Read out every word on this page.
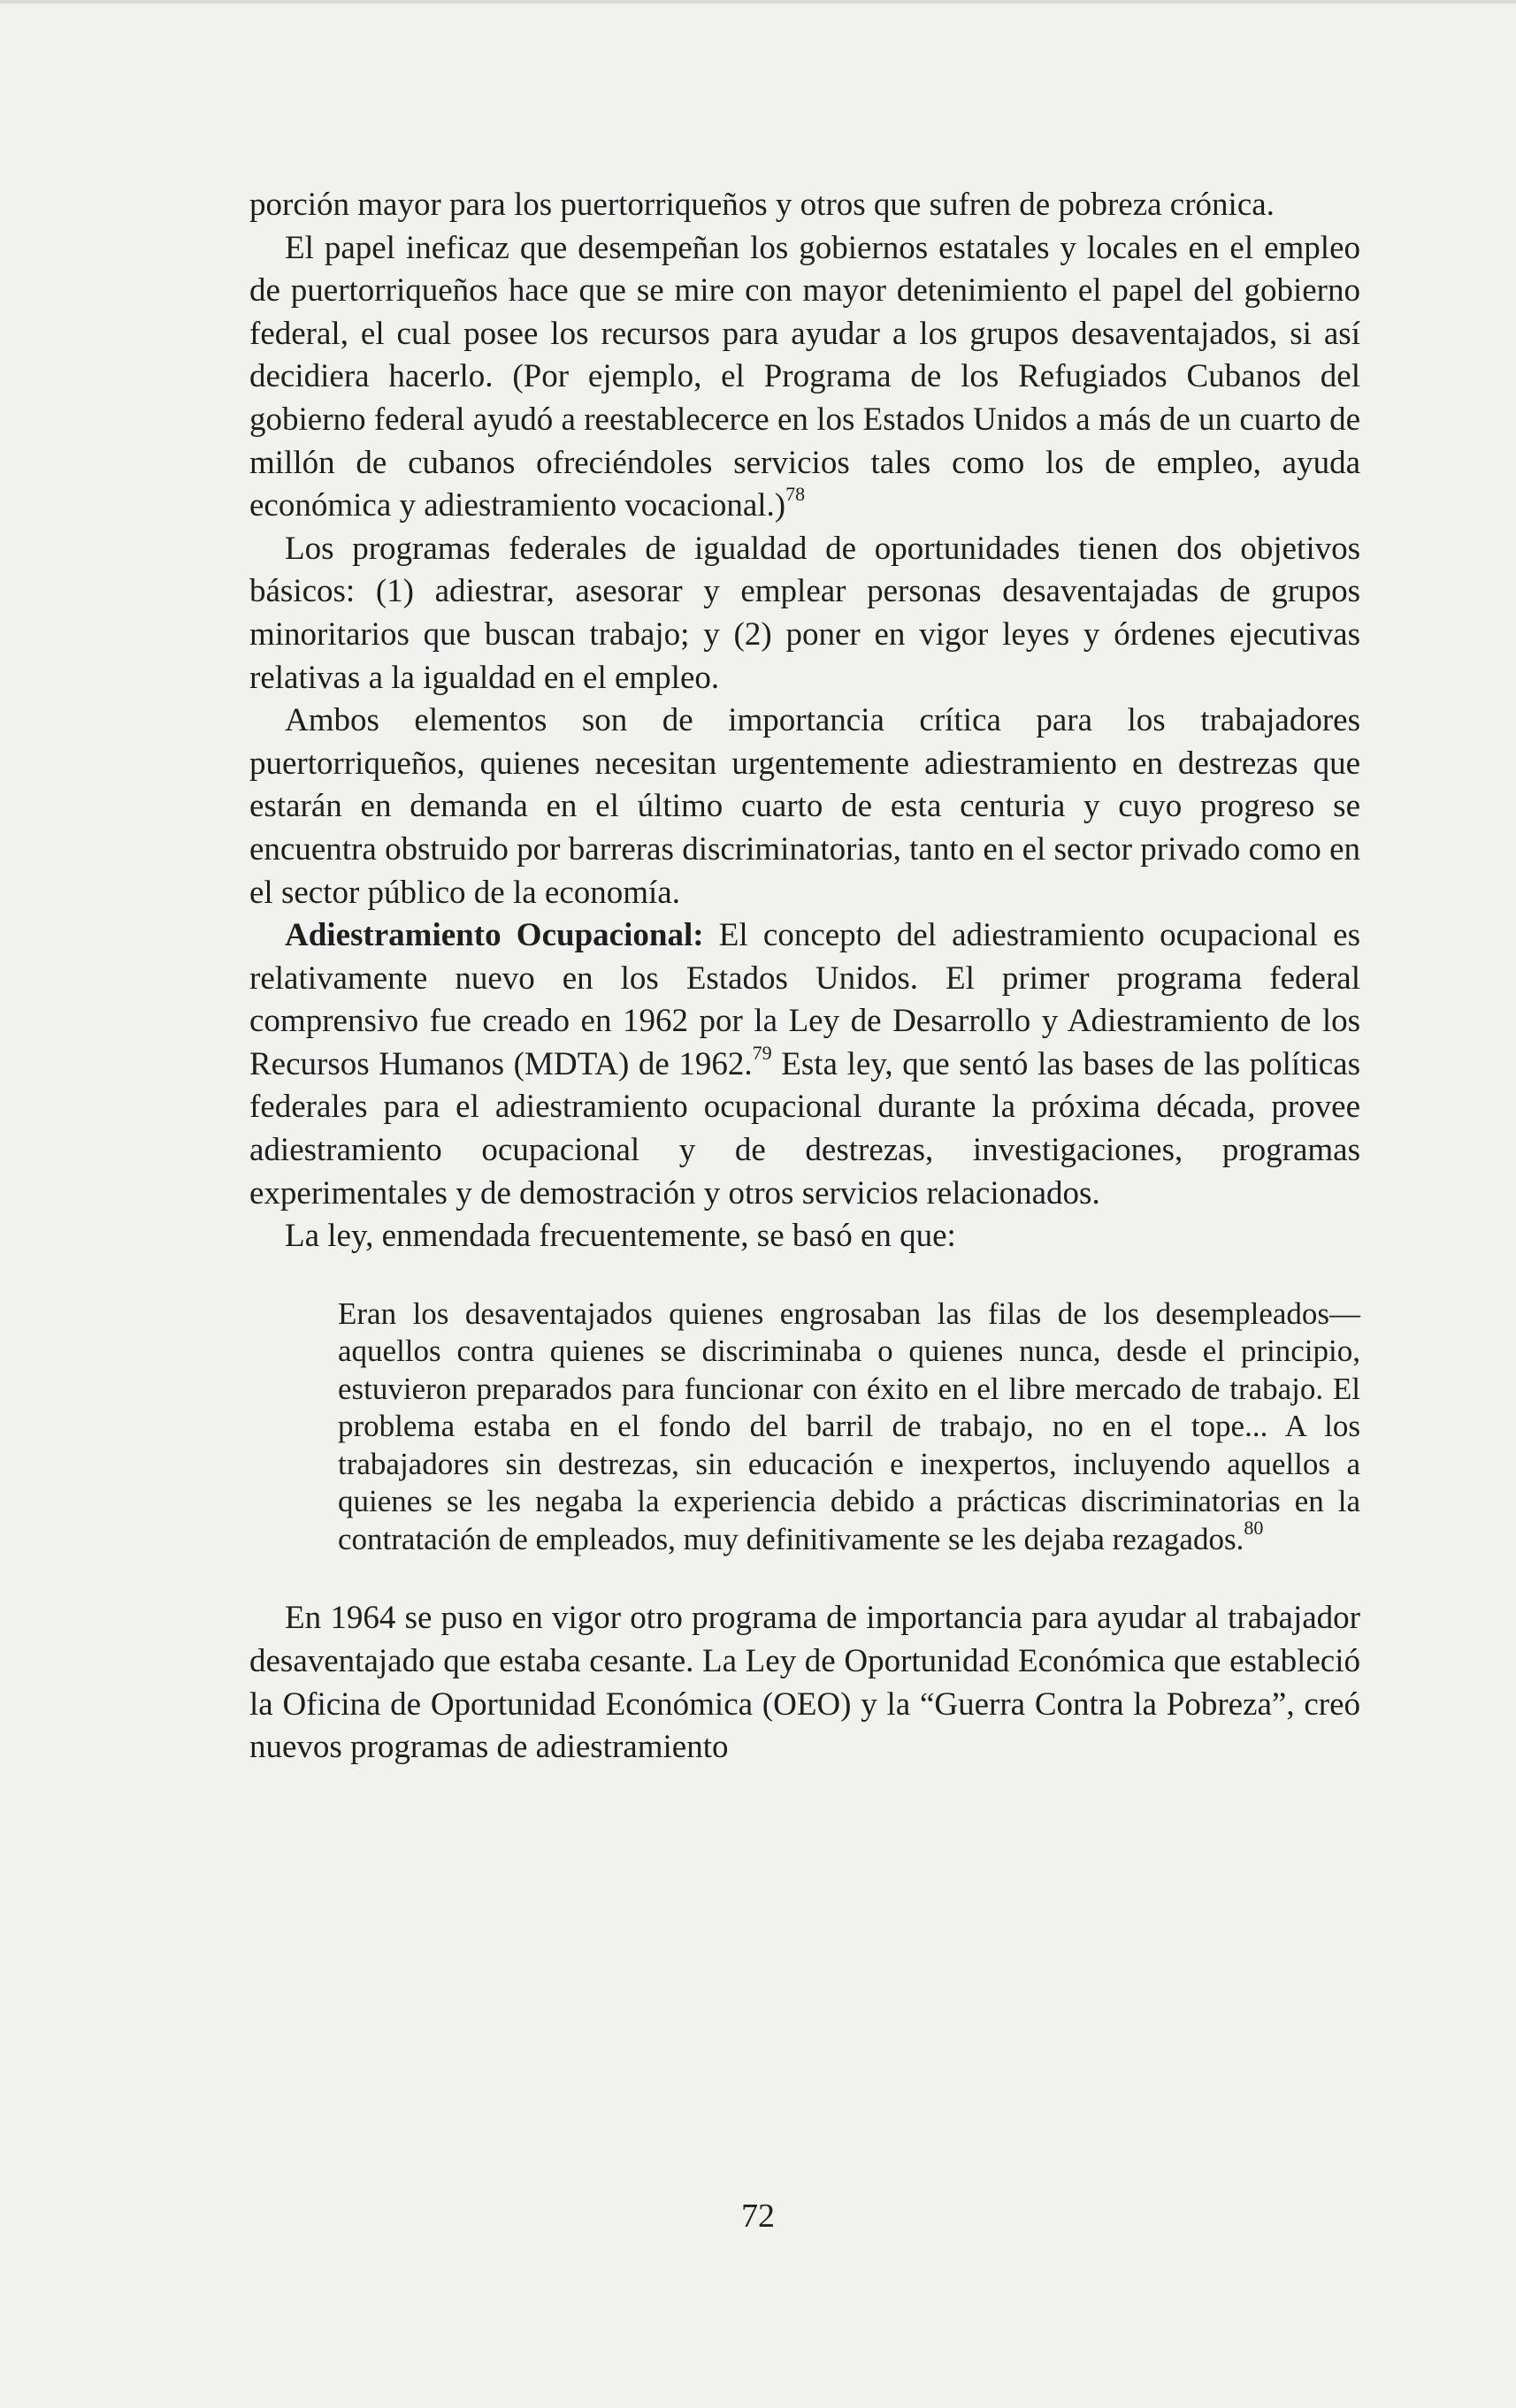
porción mayor para los puertorriqueños y otros que sufren de pobreza crónica.

El papel ineficaz que desempeñan los gobiernos estatales y locales en el empleo de puertorriqueños hace que se mire con mayor detenimiento el papel del gobierno federal, el cual posee los recursos para ayudar a los grupos desaventajados, si así decidiera hacerlo. (Por ejemplo, el Programa de los Refugiados Cubanos del gobierno federal ayudó a reestablecerce en los Estados Unidos a más de un cuarto de millón de cubanos ofreciéndoles servicios tales como los de empleo, ayuda económica y adiestramiento vocacional.)$^{78}$

Los programas federales de igualdad de oportunidades tienen dos objetivos básicos: (1) adiestrar, asesorar y emplear personas desaventajadas de grupos minoritarios que buscan trabajo; y (2) poner en vigor leyes y órdenes ejecutivas relativas a la igualdad en el empleo.

Ambos elementos son de importancia crítica para los trabajadores puertorriqueños, quienes necesitan urgentemente adiestramiento en destrezas que estarán en demanda en el último cuarto de esta centuria y cuyo progreso se encuentra obstruido por barreras discriminatorias, tanto en el sector privado como en el sector público de la economía.

Adiestramiento Ocupacional: El concepto del adiestramiento ocupacional es relativamente nuevo en los Estados Unidos. El primer programa federal comprensivo fue creado en 1962 por la Ley de Desarrollo y Adiestramiento de los Recursos Humanos (MDTA) de 1962.79 Esta ley, que sentó las bases de las políticas federales para el adiestramiento ocupacional durante la próxima década, provee adiestramiento ocupacional y de destrezas, investigaciones, programas experimentales y de demostración y otros servicios relacionados.

La ley, enmendada frecuentemente, se basó en que:

Eran los desaventajados quienes engrosaban las filas de los desempleados—aquellos contra quienes se discriminaba o quienes nunca, desde el principio, estuvieron preparados para funcionar con éxito en el libre mercado de trabajo. El problema estaba en el fondo del barril de trabajo, no en el tope... A los trabajadores sin destrezas, sin educación e inexpertos, incluyendo aquellos a quienes se les negaba la experiencia debido a prácticas discriminatorias en la contratación de empleados, muy definitivamente se les dejaba rezagados.$^{80}$

En 1964 se puso en vigor otro programa de importancia para ayudar al trabajador desaventajado que estaba cesante. La Ley de Oportunidad Económica que estableció la Oficina de Oportunidad Económica (OEO) y la “Guerra Contra la Pobreza”, creó nuevos programas de adiestramiento

72
